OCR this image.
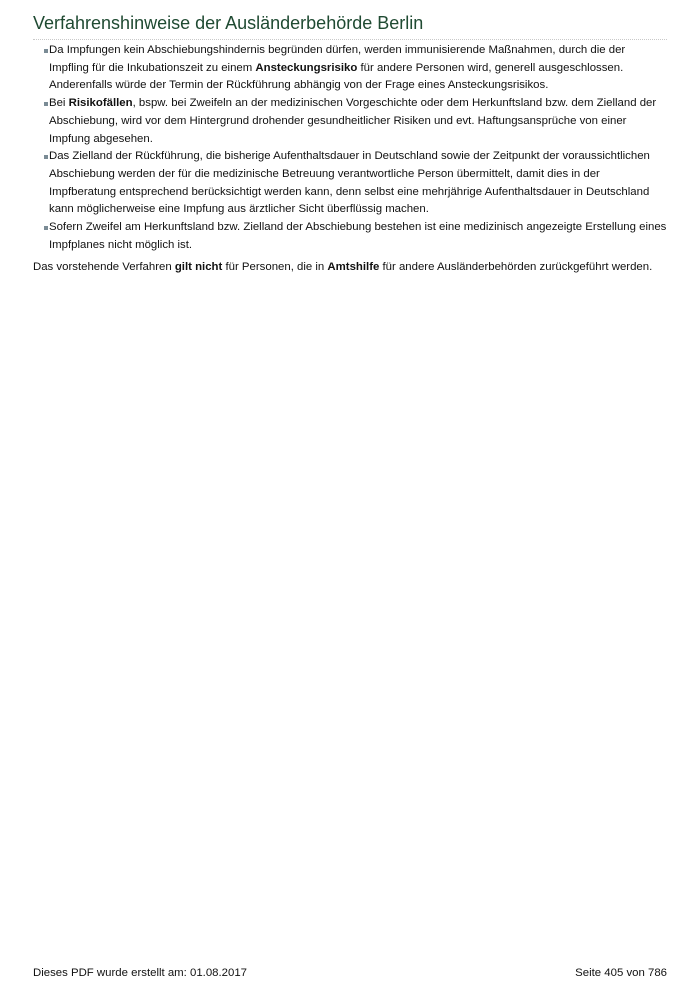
Verfahrenshinweise der Ausländerbehörde Berlin
Da Impfungen kein Abschiebungshindernis begründen dürfen, werden immunisierende Maßnahmen, durch die der Impfling für die Inkubationszeit zu einem Ansteckungsrisiko für andere Personen wird, generell ausgeschlossen. Anderenfalls würde der Termin der Rückführung abhängig von der Frage eines Ansteckungsrisikos.
Bei Risikofällen, bspw. bei Zweifeln an der medizinischen Vorgeschichte oder dem Herkunftsland bzw. dem Zielland der Abschiebung, wird vor dem Hintergrund drohender gesundheitlicher Risiken und evt. Haftungsansprüche von einer Impfung abgesehen.
Das Zielland der Rückführung, die bisherige Aufenthaltsdauer in Deutschland sowie der Zeitpunkt der voraussichtlichen Abschiebung werden der für die medizinische Betreuung verantwortliche Person übermittelt, damit dies in der Impfberatung entsprechend berücksichtigt werden kann, denn selbst eine mehrjährige Aufenthaltsdauer in Deutschland kann möglicherweise eine Impfung aus ärztlicher Sicht überflüssig machen.
Sofern Zweifel am Herkunftsland bzw. Zielland der Abschiebung bestehen ist eine medizinisch angezeigte Erstellung eines Impfplanes nicht möglich ist.

Das vorstehende Verfahren gilt nicht für Personen, die in Amtshilfe für andere Ausländerbehörden zurückgeführt werden.

Dieses PDF wurde erstellt am: 01.08.2017	Seite 405 von 786
